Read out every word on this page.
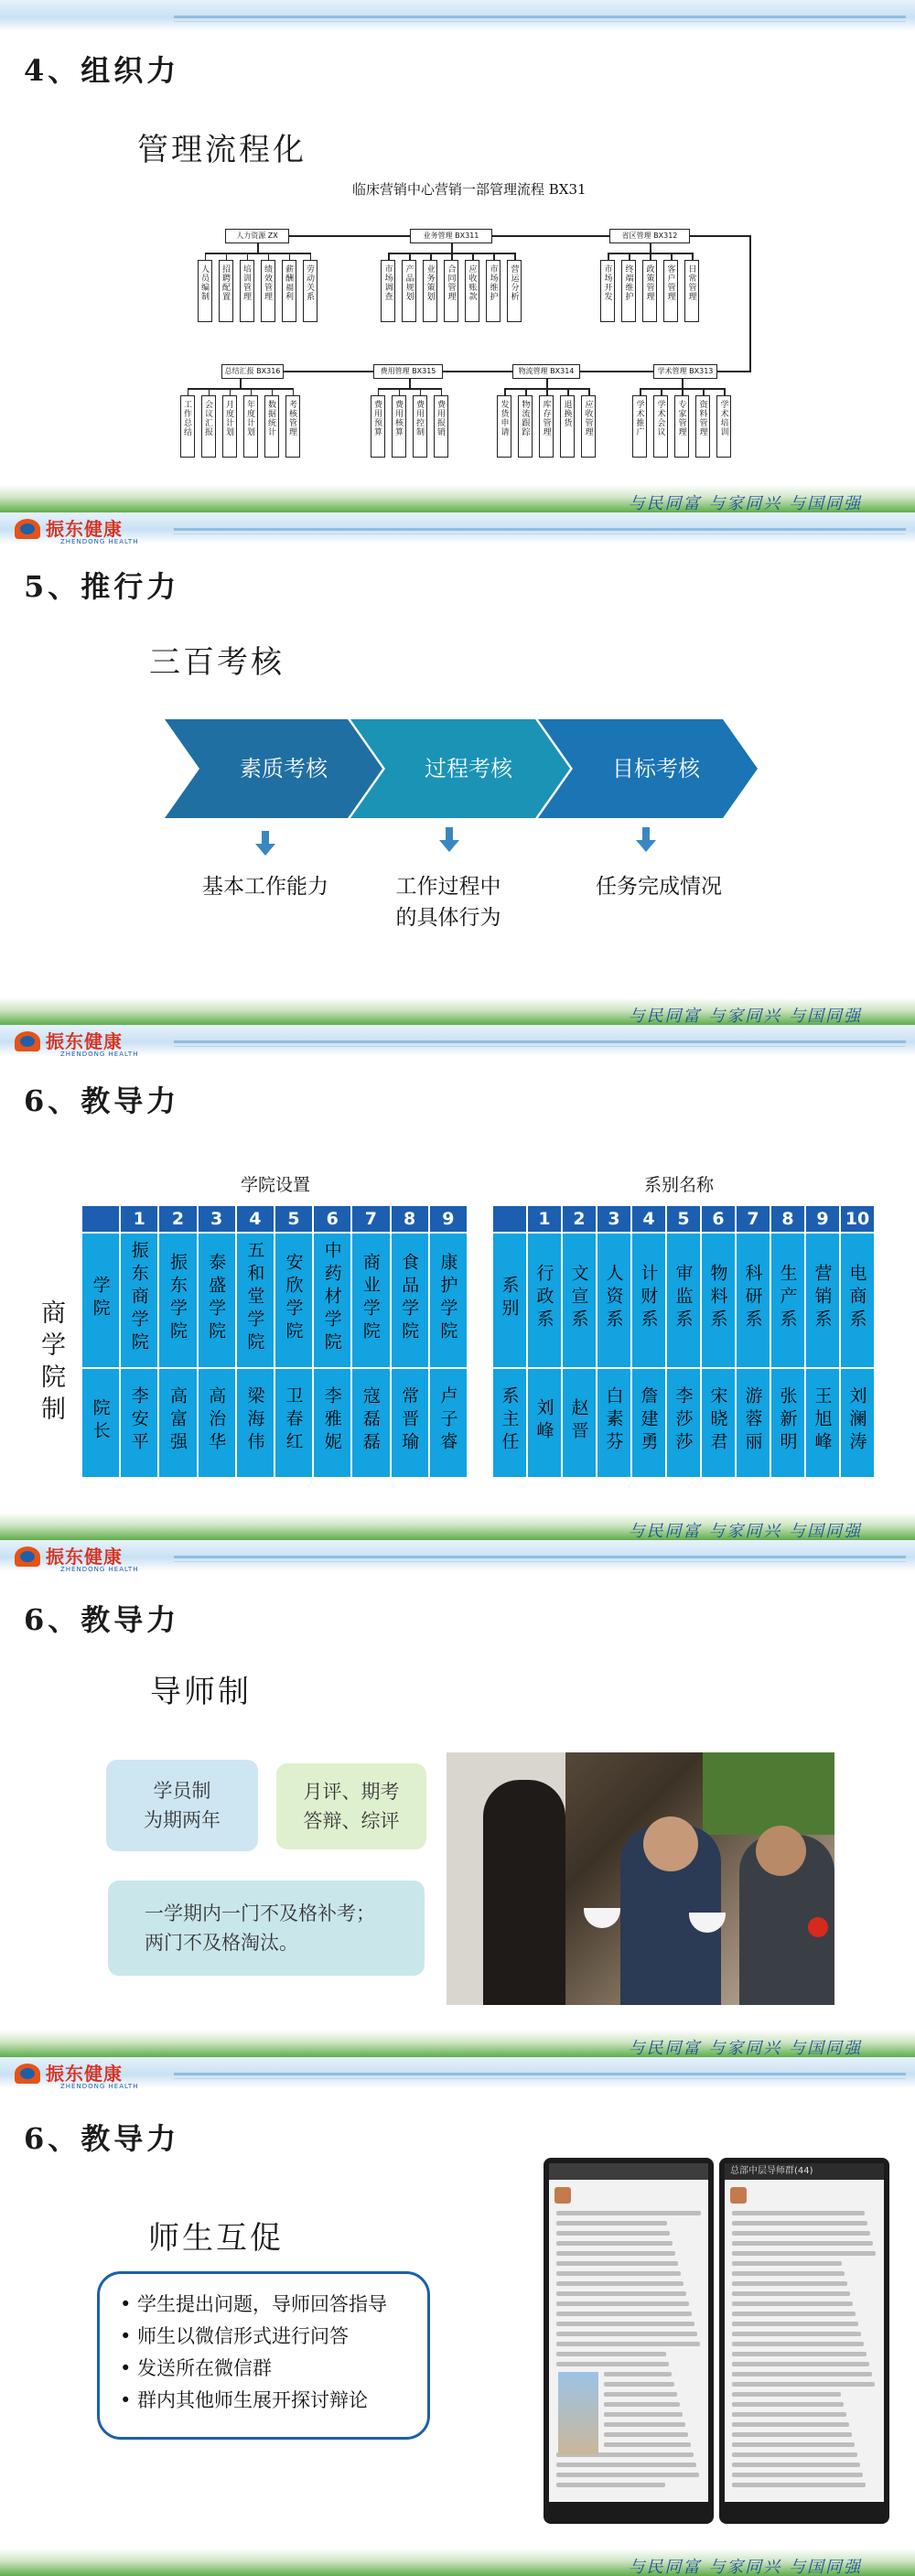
4、组织力
管理流程化
临床营销中心营销一部管理流程 BX31
人力资源 ZX	业务管理 BX311	省区管理 BX312
人员编制	招聘配置	培训管理	绩效管理	薪酬福利	劳动关系	市场调查	产品规划	业务策划	合同管理	应收账款	市场维护	营运分析	市场开发	终端维护	政策管理	客户管理	日常管理
总结汇报 BX316	费用管理 BX315	物流管理 BX314	学术管理 BX313
工作总结	会议汇报	月度计划	年度计划	数据统计	考核管理	费用预算	费用核算	费用控制	费用报销	发货申请	物流跟踪	库存管理	退换货	应收管理	学术推广	学术会议	专家管理	资料管理	学术培训
与民同富 与家同兴 与国同强
振东健康
ZHENDONG HEALTH
5、推行力
三百考核
素质考核	过程考核	目标考核
基本工作能力	工作过程中
的具体行为
任务完成情况
与民同富 与家同兴 与国同强
振东健康
ZHENDONG HEALTH
6、教导力
商学院制
学院设置
	1	2	3	4	5	6	7	8	9
学院	振东商学院	振东学院	泰盛学院	五和堂学院	安欣学院	中药材学院	商业学院	食品学院	康护学院
院长	李安平	高富强	高治华	梁海伟	卫春红	李雅妮	寇磊磊	常晋瑜	卢子睿
系别名称
	1	2	3	4	5	6	7	8	9	10
系别	行政系	文宣系	人资系	计财系	审监系	物料系	科研系	生产系	营销系	电商系
系主任	刘峰	赵晋	白素芬	詹建勇	李莎莎	宋晓君	游蓉丽	张新明	王旭峰	刘澜涛
与民同富 与家同兴 与国同强
振东健康
ZHENDONG HEALTH
6、教导力
导师制
学员制
为期两年
月评、期考
答辩、综评
一学期内一门不及格补考；
两门不及格淘汰。
与民同富 与家同兴 与国同强
振东健康
ZHENDONG HEALTH
6、教导力
师生互促
• 学生提出问题，导师回答指导
• 师生以微信形式进行问答
• 发送所在微信群
• 群内其他师生展开探讨辩论
总部中层导师群(44)
与民同富 与家同兴 与国同强
